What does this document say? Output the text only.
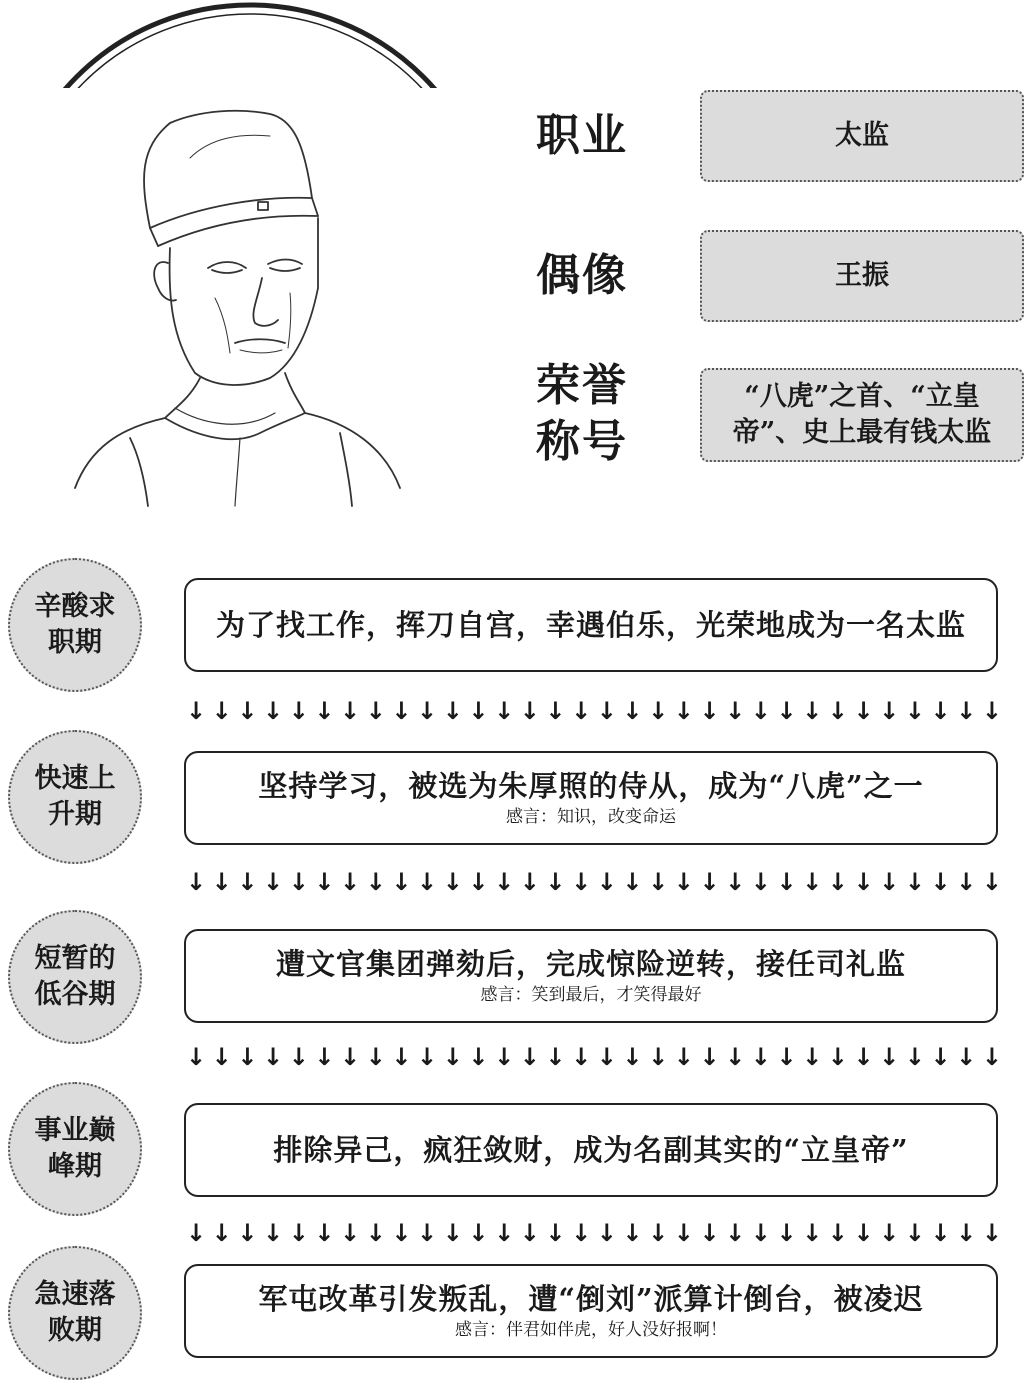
职业
偶像
荣誉
称号
太监
王振
“八虎”之首、“立皇
帝”、史上最有钱太监
辛酸求
职期
为了找工作，挥刀自宫，幸遇伯乐，光荣地成为一名太监
↓ ↓ ↓ ↓ ↓ ↓ ↓ ↓ ↓ ↓ ↓ ↓ ↓ ↓ ↓ ↓ ↓ ↓ ↓ ↓ ↓ ↓ ↓ ↓ ↓ ↓ ↓ ↓ ↓ ↓ ↓ ↓
快速上
升期
坚持学习，被选为朱厚照的侍从，成为“八虎”之一
感言：知识，改变命运
↓ ↓ ↓ ↓ ↓ ↓ ↓ ↓ ↓ ↓ ↓ ↓ ↓ ↓ ↓ ↓ ↓ ↓ ↓ ↓ ↓ ↓ ↓ ↓ ↓ ↓ ↓ ↓ ↓ ↓ ↓ ↓
短暂的
低谷期
遭文官集团弹劾后，完成惊险逆转，接任司礼监
感言：笑到最后，才笑得最好
↓ ↓ ↓ ↓ ↓ ↓ ↓ ↓ ↓ ↓ ↓ ↓ ↓ ↓ ↓ ↓ ↓ ↓ ↓ ↓ ↓ ↓ ↓ ↓ ↓ ↓ ↓ ↓ ↓ ↓ ↓ ↓
事业巅
峰期	排除异己，疯狂敛财，成为名副其实的“立皇帝”
↓ ↓ ↓ ↓ ↓ ↓ ↓ ↓ ↓ ↓ ↓ ↓ ↓ ↓ ↓ ↓ ↓ ↓ ↓ ↓ ↓ ↓ ↓ ↓ ↓ ↓ ↓ ↓ ↓ ↓ ↓ ↓
急速落
败期
军屯改革引发叛乱，遭“倒刘”派算计倒台，被凌迟
感言：伴君如伴虎，好人没好报啊！
